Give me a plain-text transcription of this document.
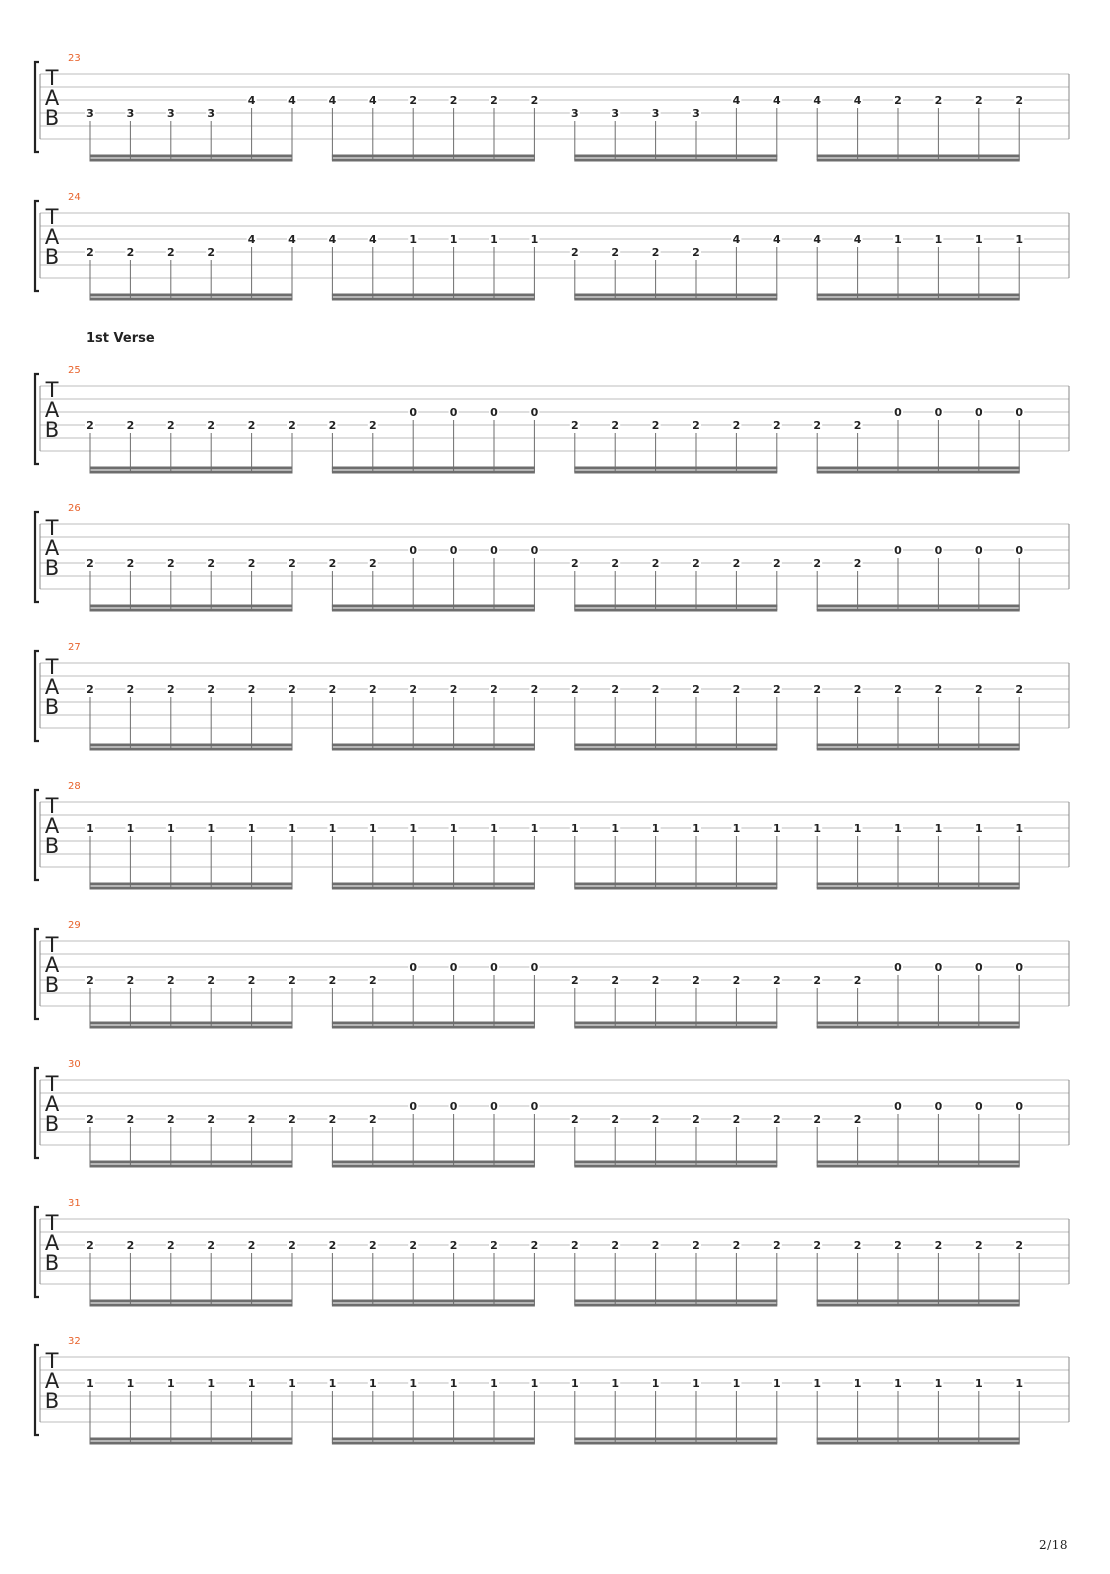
T
A
B
23
3	3	3	3
4	4	4	4	2	2	2	2
3	3	3	3
4	4	4	4	2	2	2	2
T
A
B
24
2	2	2	2
4	4	4	4	1	1	1	1
2	2	2	2
4	4	4	4	1	1	1	1
T
A
B
25
2	2	2	2	2	2	2	2
0	0	0	0
2	2	2	2	2	2	2	2
0	0	0	0
T
A
B
26
2	2	2	2	2	2	2	2
0	0	0	0
2	2	2	2	2	2	2	2
0	0	0	0
T
A
B
27
2	2	2	2	2	2	2	2	2	2	2	2	2	2	2	2	2	2	2	2	2	2	2	2
T
A
B
28
1	1	1	1	1	1	1	1	1	1	1	1	1	1	1	1	1	1	1	1	1	1	1	1
T
A
B
29
2	2	2	2	2	2	2	2
0	0	0	0
2	2	2	2	2	2	2	2
0	0	0	0
T
A
B
30
2	2	2	2	2	2	2	2
0	0	0	0
2	2	2	2	2	2	2	2
0	0	0	0
T
A
B
31
2	2	2	2	2	2	2	2	2	2	2	2	2	2	2	2	2	2	2	2	2	2	2	2
T
A
B
32
1	1	1	1	1	1	1	1	1	1	1	1	1	1	1	1	1	1	1	1	1	1	1	1
1st Verse
2/18
